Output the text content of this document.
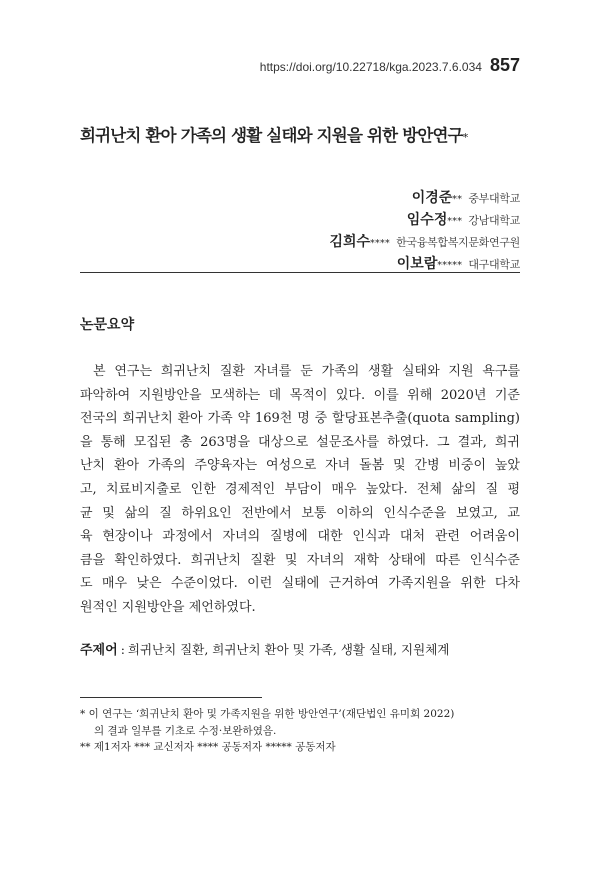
https://doi.org/10.22718/kga.2023.7.6.034 857
희귀난치 환아 가족의 생활 실태와 지원을 위한 방안연구*
이경준** 중부대학교
임수정*** 강남대학교
김희수**** 한국융복합복지문화연구원
이보람***** 대구대학교
논문요약
본 연구는 희귀난치 질환 자녀를 둔 가족의 생활 실태와 지원 욕구를
파악하여 지원방안을 모색하는 데 목적이 있다. 이를 위해 2020년 기준
전국의 희귀난치 환아 가족 약 169천 명 중 할당표본추출(quota sampling)
을 통해 모집된 총 263명을 대상으로 설문조사를 하였다. 그 결과, 희귀
난치 환아 가족의 주양육자는 여성으로 자녀 돌봄 및 간병 비중이 높았
고, 치료비지출로 인한 경제적인 부담이 매우 높았다. 전체 삶의 질 평
균 및 삶의 질 하위요인 전반에서 보통 이하의 인식수준을 보였고, 교
육 현장이나 과정에서 자녀의 질병에 대한 인식과 대처 관련 어려움이
큼을 확인하였다. 희귀난치 질환 및 자녀의 재학 상태에 따른 인식수준
도 매우 낮은 수준이었다. 이런 실태에 근거하여 가족지원을 위한 다차
원적인 지원방안을 제언하였다.
주제어 : 희귀난치 질환, 희귀난치 환아 및 가족, 생활 실태, 지원체계
* 이 연구는 ‘희귀난치 환아 및 가족지원을 위한 방안연구’(재단법인 유미회 2022)
의 결과 일부를 기초로 수정·보완하였음.
** 제1저자 *** 교신저자 **** 공동저자 ***** 공동저자
